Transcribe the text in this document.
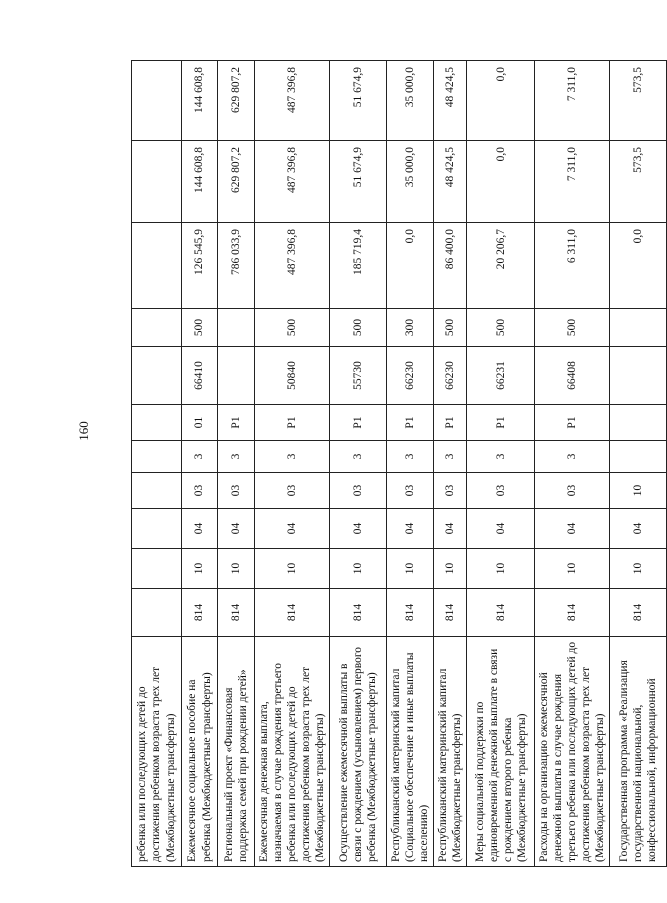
160
ребенка или последующих детей до достижения ребенком возраста трех лет (Межбюджетные трансферты)											
Ежемесячное социальное пособие на ребенка (Межбюджетные трансферты)	814	10	04	03	3	01	66410	500	126 545,9	144 608,8	144 608,8
Региональный проект «Финансовая поддержка семей при рождении детей»	814	10	04	03	3	P1			786 033,9	629 807,2	629 807,2
Ежемесячная денежная выплата, назначаемая в случае рождения третьего ребенка или последующих детей до достижения ребенком возраста трех лет (Межбюджетные трансферты)	814	10	04	03	3	P1	50840	500	487 396,8	487 396,8	487 396,8
Осуществление ежемесячной выплаты в связи с рождением (усыновлением) первого ребенка (Межбюджетные трансферты)	814	10	04	03	3	P1	55730	500	185 719,4	51 674,9	51 674,9
Республиканский материнский капитал (Социальное обеспечение и иные выплаты населению)	814	10	04	03	3	P1	66230	300	0,0	35 000,0	35 000,0
Республиканский материнский капитал (Межбюджетные трансферты)	814	10	04	03	3	P1	66230	500	86 400,0	48 424,5	48 424,5
Меры социальной поддержки по единовременной денежной выплате в связи с рождением второго ребенка (Межбюджетные трансферты)	814	10	04	03	3	P1	66231	500	20 206,7	0,0	0,0
Расходы на организацию ежемесячной денежной выплаты в случае рождения третьего ребенка или последующих детей до достижения ребенком возраста трех лет (Межбюджетные трансферты)	814	10	04	03	3	P1	66408	500	6 311,0	7 311,0	7 311,0
Государственная программа «Реализация государственной национальной, конфессиональной, информационной	814	10	04	10					0,0	573,5	573,5
